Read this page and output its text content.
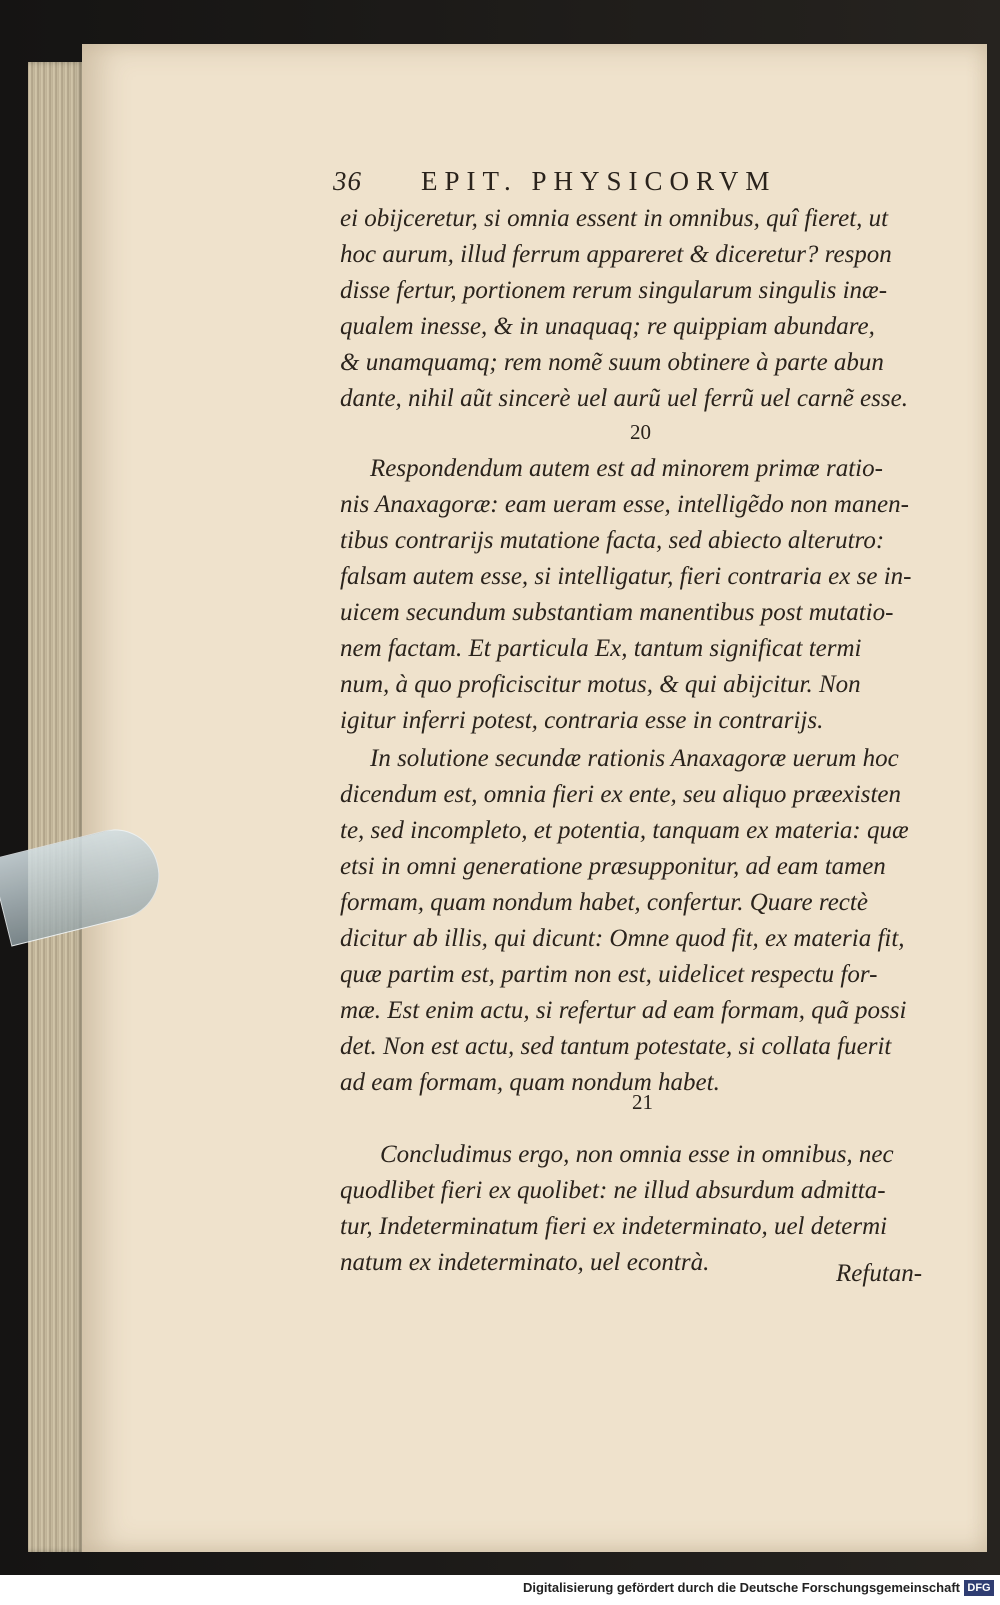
36 EPIT. PHYSICORVM
ei obijceretur, si omnia essent in omnibus, quî fieret, ut
hoc aurum, illud ferrum appareret & diceretur? respon
disse fertur, portionem rerum singularum singulis inæ-
qualem inesse, & in unaquaq; re quippiam abundare,
& unamquamq; rem nomẽ suum obtinere à parte abun
dante, nihil aũt sincerè uel aurũ uel ferrũ uel carnẽ esse.
Respondendum autem est ad minorem primæ ratio-
nis Anaxagoræ: eam ueram esse, intelligẽdo non manen-
tibus contrarijs mutatione facta, sed abiecto alterutro:
falsam autem esse, si intelligatur, fieri contraria ex se in-
uicem secundum substantiam manentibus post mutatio-
nem factam. Et particula Ex, tantum significat termi
num, à quo proficiscitur motus, & qui abijcitur. Non
igitur inferri potest, contraria esse in contrarijs.
In solutione secundæ rationis Anaxagoræ uerum hoc
dicendum est, omnia fieri ex ente, seu aliquo præexisten
te, sed incompleto, et potentia, tanquam ex materia: quæ
etsi in omni generatione præsupponitur, ad eam tamen
formam, quam nondum habet, confertur. Quare rectè
dicitur ab illis, qui dicunt: Omne quod fit, ex materia fit,
quæ partim est, partim non est, uidelicet respectu for-
mæ. Est enim actu, si refertur ad eam formam, quã possi
det. Non est actu, sed tantum potestate, si collata fuerit
ad eam formam, quam nondum habet.
Concludimus ergo, non omnia esse in omnibus, nec
quodlibet fieri ex quolibet: ne illud absurdum admitta-
tur, Indeterminatum fieri ex indeterminato, uel determi
natum ex indeterminato, uel econtrà.
20
21
Refutan-
Digitalisierung gefördert durch die Deutsche Forschungsgemeinschaft DFG
